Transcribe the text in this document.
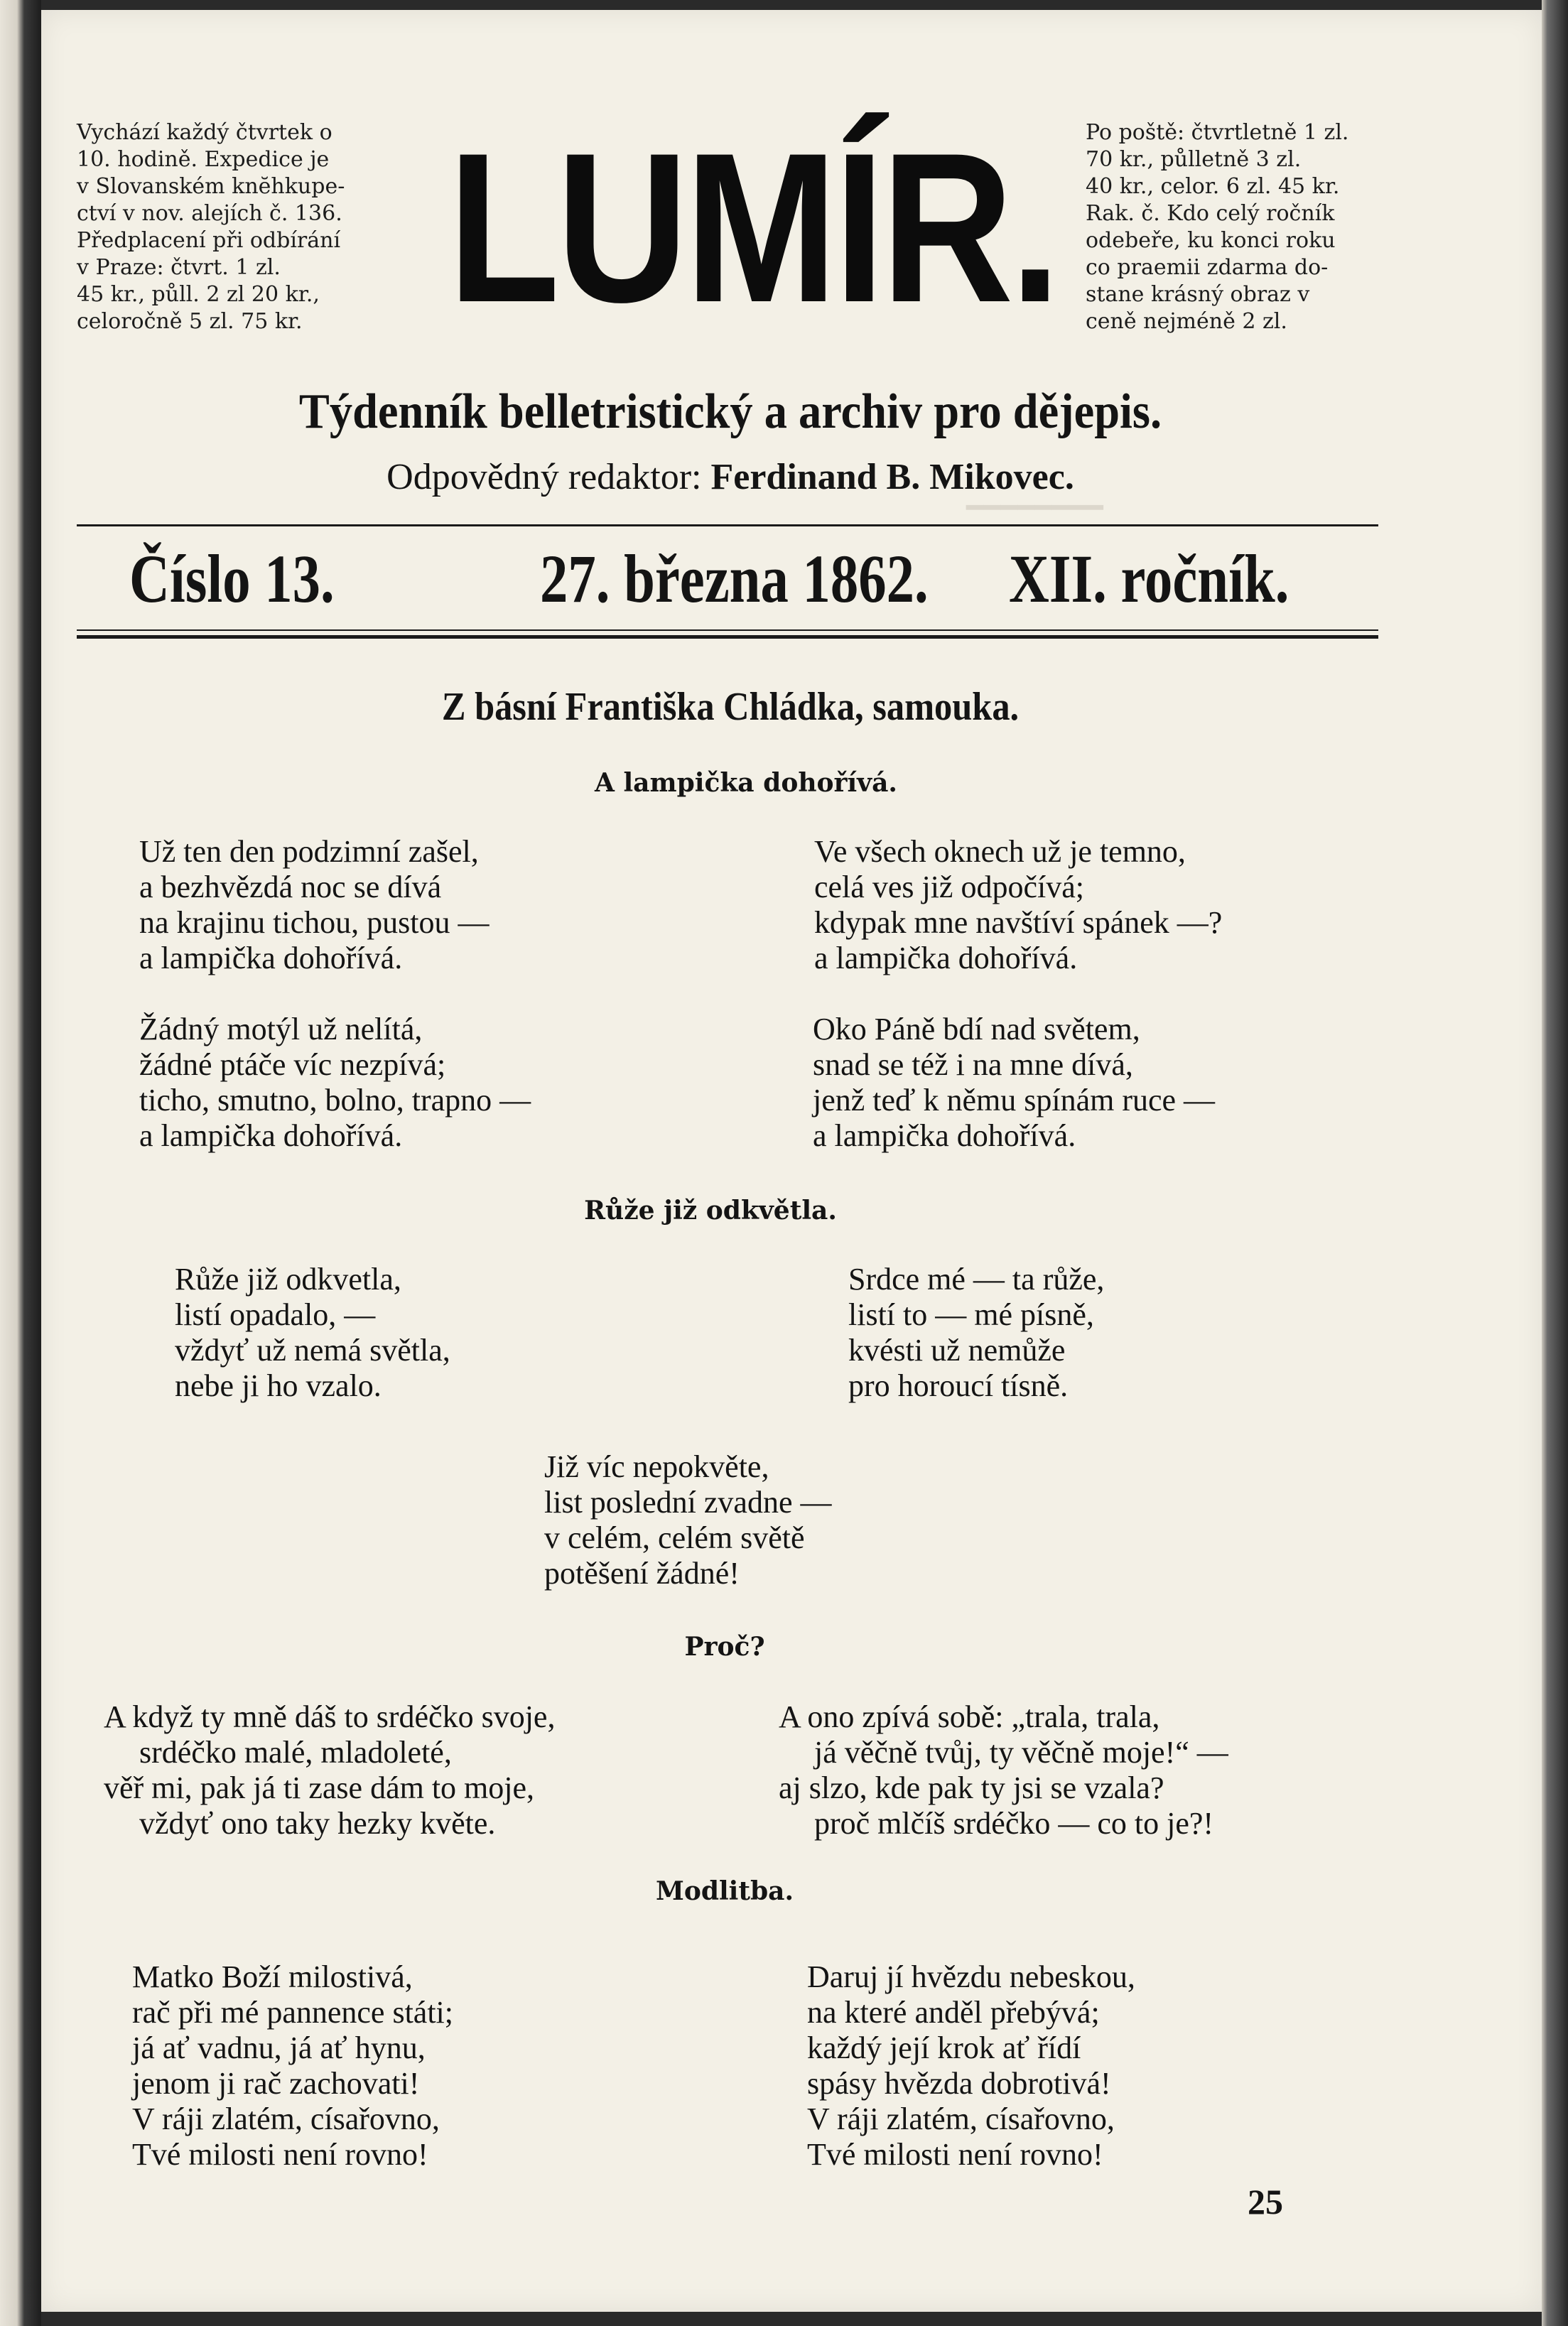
━━━━━━━━
Vychází každý čtvrtek o
10. hodině. Expedice je
v Slovanském knĕhkupe-
ctví v nov. alejích č. 136.
Předplacení při odbírání
v Praze: čtvrt. 1 zl.
45 kr., půll. 2 zl 20 kr.,
celoročně 5 zl. 75 kr. LUMÍR. Po poště: čtvrtletně 1 zl.
70 kr., půlletně 3 zl.
40 kr., celor. 6 zl. 45 kr.
Rak. č. Kdo celý ročník
odebeře, ku konci roku
co praemii zdarma do-
stane krásný obraz v
ceně nejméně 2 zl.
Týdenník belletristický a archiv pro dějepis.
Odpovědný redaktor: Ferdinand B. Mikovec.
Číslo 13.	27. března 1862. XII. ročník.
Z básní Františka Chládka, samouka.
A lampička dohořívá.
Už ten den podzimní zašel,
a bezhvězdá noc se dívá
na krajinu tichou, pustou —
a lampička dohořívá.
Ve všech oknech už je temno,
celá ves již odpočívá;
kdypak mne navštíví spánek —?
a lampička dohořívá.
Žádný motýl už nelítá,
žádné ptáče víc nezpívá;
ticho, smutno, bolno, trapno —
a lampička dohořívá.
Oko Páně bdí nad světem,
snad se též i na mne dívá,
jenž teď k němu spínám ruce —
a lampička dohořívá.
Růže již odkvětla.
Růže již odkvetla,
listí opadalo, —
vždyť už nemá světla,
nebe ji ho vzalo.
Srdce mé — ta růže,
listí to — mé písně,
kvésti už nemůže
pro horoucí tísně.
Již víc nepokvěte,
list poslední zvadne —
v celém, celém světě
potěšení žádné!
Proč?
A když ty mně dáš to srdéčko svoje,
srdéčko malé, mladoleté,
věř mi, pak já ti zase dám to moje,
vždyť ono taky hezky květe.
A ono zpívá sobě: „trala, trala,
já věčně tvůj, ty věčně moje!“ —
aj slzo, kde pak ty jsi se vzala?
proč mlčíš srdéčko — co to je?!
Modlitba.
Matko Boží milostivá,
rač při mé pannence státi;
já ať vadnu, já ať hynu,
jenom ji rač zachovati!
V ráji zlatém, císařovno,
Tvé milosti není rovno!
Daruj jí hvězdu nebeskou,
na které anděl přebývá;
každý její krok ať řídí
spásy hvězda dobrotivá!
V ráji zlatém, císařovno,
Tvé milosti není rovno!
25
